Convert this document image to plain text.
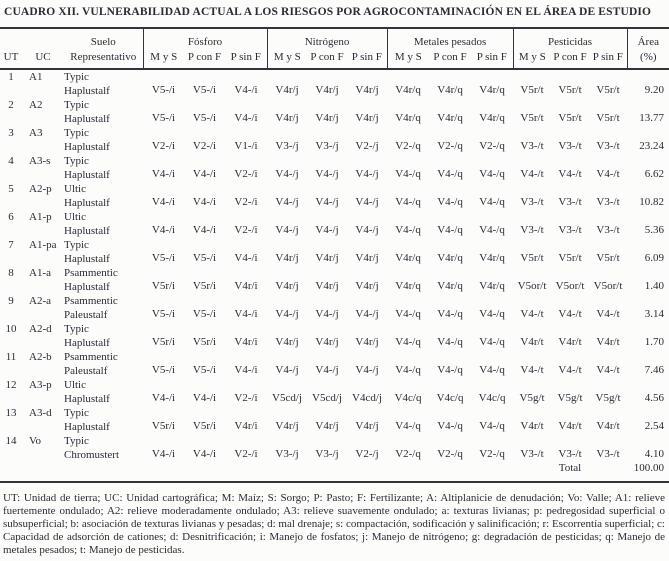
CUADRO XII. VULNERABILIDAD ACTUAL A LOS RIESGOS POR AGROCONTAMINACIÓN EN EL ÁREA DE ESTUDIO
		Suelo	Fósforo			Nitrógeno			Metales pesados			Pesticidas			Área
UT	UC	Representativo	M y S	P con F	P sin F	M y S	P con F	P sin F	M y S	P con F	P sin F	M y S	P con F	P sin F	(%)
1	A1	Typic
Haplustalf	V5-/i	V5-/i	V4-/i	V4r/j	V4r/j	V4r/j	V4r/q	V4r/q	V4r/q	V5r/t	V5r/t	V5r/t	9.20
2	A2	Typic
Haplustalf	V5-/i	V5-/i	V4-/i	V4r/j	V4r/j	V4r/j	V4r/q	V4r/q	V4r/q	V5r/t	V5r/t	V5r/t	13.77
3	A3	Typic
Haplustalf	V2-/i	V2-/i	V1-/i	V3-/j	V3-/j	V2-/j	V2-/q	V2-/q	V2-/q	V3-/t	V3-/t	V3-/t	23.24
4	A3-s	Typic
Haplustalf	V4-/i	V4-/i	V2-/i	V4-/j	V4-/j	V4-/j	V4-/q	V4-/q	V4-/q	V4-/t	V4-/t	V4-/t	6.62
5	A2-p	Ultic
Haplustalf	V4-/i	V4-/i	V2-/i	V4-/j	V4-/j	V4-/j	V4-/q	V4-/q	V4-/q	V3-/t	V3-/t	V3-/t	10.82
6	A1-p	Ultic
Haplustalf	V4-/i	V4-/i	V2-/i	V4-/j	V4-/j	V4-/j	V4-/q	V4-/q	V4-/q	V3-/t	V3-/t	V3-/t	5.36
7	A1-pa	Typic
Haplustalf	V5-/i	V5-/i	V4-/i	V4r/j	V4r/j	V4r/j	V4r/q	V4r/q	V4r/q	V5r/t	V5r/t	V5r/t	6.09
8	A1-a	Psammentic
Haplustalf	V5r/i	V5r/i	V4r/i	V4r/j	V4r/j	V4r/j	V4r/q	V4r/q	V4r/q	V5or/t	V5or/t	V5or/t	1.40
9	A2-a	Psammentic
Paleustalf	V5-/i	V5-/i	V4-/i	V4-/j	V4-/j	V4-/j	V4-/q	V4-/q	V4-/q	V4-/t	V4-/t	V4-/t	3.14
10	A2-d	Typic
Haplustalf	V5r/i	V5r/i	V4r/i	V4r/j	V4r/j	V4r/j	V4-/q	V4-/q	V4-/q	V4r/t	V4r/t	V4r/t	1.70
11	A2-b	Psammentic
Paleustalf	V5-/i	V5-/i	V4-/i	V4-/j	V4-/j	V4-/j	V4-/q	V4-/q	V4-/q	V4-/t	V4-/t	V4-/t	7.46
12	A3-p	Ultic
Haplustalf	V4-/i	V4-/i	V2-/i	V5cd/j	V5cd/j	V4cd/j	V4c/q	V4c/q	V4c/q	V5g/t	V5g/t	V5g/t	4.56
13	A3-d	Typic
Haplustalf	V5r/i	V5r/i	V4r/i	V4r/j	V4r/j	V4r/j	V4-/q	V4-/q	V4-/q	V4r/t	V4r/t	V4r/t	2.54
14	Vo	Typic
Chromustert	V4-/i	V4-/i	V2-/i	V3-/j	V3-/j	V2-/j	V2-/q	V2-/q	V2-/q	V3-/t	V3-/t	V3-/t	4.10
													Total		100.00

UT: Unidad de tierra; UC: Unidad cartográfica; M: Maíz; S: Sorgo; P: Pasto; F: Fertilizante; A: Altiplanicie de denudación; Vo: Valle; A1: relieve fuertemente ondulado; A2: relieve moderadamente ondulado; A3: relieve suavemente ondulado; a: texturas livianas; p: pedregosidad superficial o subsuperficial; b: asociación de texturas livianas y pesadas; d: mal drenaje; s: compactación, sodificación y salinificación; r: Escorrentía superficial; c: Capacidad de adsorción de cationes; d: Desnitrificación; i: Manejo de fosfatos; j: Manejo de nitrógeno; g: degradación de pesticidas; q: Manejo de metales pesados; t: Manejo de pesticidas.
